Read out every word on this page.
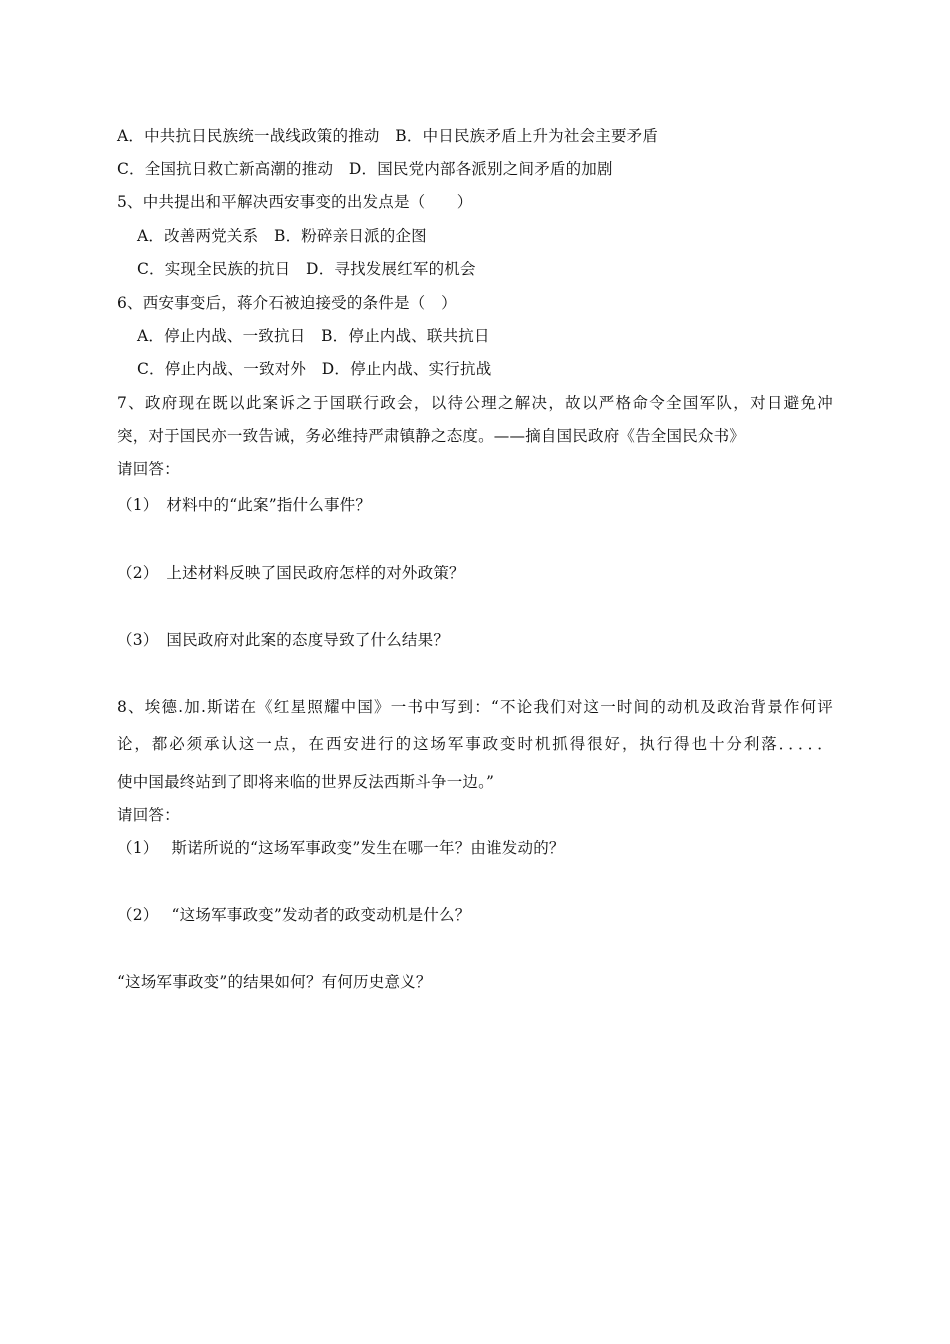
A．中共抗日民族统一战线政策的推动　B．中日民族矛盾上升为社会主要矛盾
C．全国抗日救亡新高潮的推动　D．国民党内部各派别之间矛盾的加剧
5、中共提出和平解决西安事变的出发点是（　　）
A．改善两党关系　B．粉碎亲日派的企图
C．实现全民族的抗日　D．寻找发展红军的机会
6、西安事变后，蒋介石被迫接受的条件是（　）
A．停止内战、一致抗日　B．停止内战、联共抗日
C．停止内战、一致对外　D．停止内战、实行抗战
7、政府现在既以此案诉之于国联行政会，以待公理之解决，故以严格命令全国军队，对日避免冲
突，对于国民亦一致告诫，务必维持严肃镇静之态度。——摘自国民政府《告全国民众书》
请回答：
（1）　材料中的“此案”指什么事件？
（2）　上述材料反映了国民政府怎样的对外政策？
（3）　国民政府对此案的态度导致了什么结果？
8、埃德.加.斯诺在《红星照耀中国》一书中写到：“不论我们对这一时间的动机及政治背景作何评
论，都必须承认这一点，在西安进行的这场军事政变时机抓得很好，执行得也十分利落．．．．．
使中国最终站到了即将来临的世界反法西斯斗争一边。”
请回答：
（1）　 斯诺所说的“这场军事政变”发生在哪一年？由谁发动的？
（2）　 “这场军事政变”发动者的政变动机是什么？
“这场军事政变”的结果如何？有何历史意义？
